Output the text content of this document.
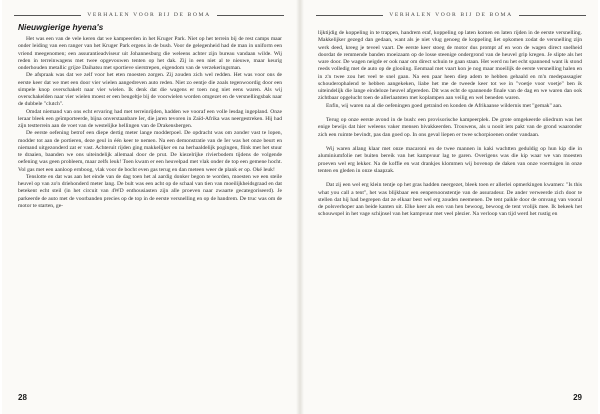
VERHALEN VOOR BIJ DE BOMA
Nieuwgierige hyena's

Het was een van de vele keren dat we kampeerden in het Kruger Park. Niet op het terrein bij de rest camps maar onder leiding van een ranger van het Kruger Park ergens in de bush. Voor de gelegenheid had de man in uniform een vriend meegenomen; een assurantieadviseur uit Johannesburg die weleens achter zijn bureau vandaan wilde. Wij reden in terreinwagens met twee opgevouwen tenten op het dak. Zij in een niet al te nieuwe, maar keurig onderhouden metallic grijze Daihatsu met sportieve sierstrepen, eigendom van de verzekeringsman.

De afspraak was dat we zelf voor het eten moesten zorgen. Zij zouden zich wel redden. Het was voor ons de eerste keer dat we met een door vier wielen aangedreven auto reden. Niet zo eentje die zoals tegenwoordig door een simpele knop overschakelt naar vier wielen. Ik denk dat die wagens er toen nog niet eens waren. Als wij overschakelden naar vier wielen moest er een beugeltje bij de voorwielen worden omgezet en de versnellingsbak naar de dubbele "clutch".

Omdat niemand van ons echt ervaring had met terreinrijden, hadden we vooraf een volle lesdag ingepland. Onze leraar bleek een geïmporteerde, bijna onverstaanbare Ier, die jaren tevoren in Zaïd-Afrika was neergestreken. Hij had zijn testterrein aan de voet van de westelijke hellingen van de Drakensbergen.

De eerste oefening betrof een diepe dertig meter lange modderpoel. De opdracht was om zonder vast te lopen, modder tot aan de portieren, deze geul in één keer te nemen. Na een demonstratie van de Ier was het onze beurt en niemand uitgezonderd zat er vast. Achteruit rijden ging makkelijker en na herhaaldelijk pogingen, flink met het stuur te draaien, baanden we ons uiteindelijk allemaal door de prut. De kiezelrijke rivierbodem tijdens de volgende oefening was geen probleem, maar zelfs leuk! Toen kwam er een heuvelpad met vlak onder de top een gemene hocht. Vol gas met een aanloop ernboog, vlak voor de bocht even gas terug en dan meteen weer de plank er op. Oké leuk!

Tenslotte en dat was aan het einde van de dag toen het al aardig donker begon te worden, moesten we een steile heuvel op van zo'n driehonderd meter lang. De bult was een acht op de schaal van tien van moeilijkheidsgraad en dat betekent echt steil (in het circuit van 4WD enthousiasten zijn alle proeven naar zwaarte gecategoriseerd). Je parkeerde de auto met de voorbanden precies op de top in de eerste versnelling en op de handrem. De truc was om de motor te starten, ge-

28
VERHALEN VOOR BIJ DE BOMA

lijktijdig de koppeling in te trappen, handrem eraf, koppeling op laten komen en laten rijden in de eerste versnelling. Makkelijker gezegd dan gedaan, want als je niet vlug genoeg de koppeling liet opkomen zodat de versnelling zijn werk deed, kreeg je teveel vaart. De eerste keer stoeg de motor dus prompt af en won de wagen direct snelheid doordat de remmende banden moeizaam op de losse steenige ondergrond van de heuvel grip kregen. Je slipte als het ware door. De wagen neigde er ook naar om direct schuin te gaan staan. Het werd nu het echt spannend want ik stond reeds volledig met de auto op de glooiing. Eenmaal met vaart kon je nog maar moeilijk de eerste versnelling halen en in z'n twee zou het veel te snel gaan. Na een paar heen diep adem te hebben gehaald en m'n medepassagier schouderophalend te hebben aangekeken, liabe het me de tweede keer tot we in "voetje voor voetje" ben ik uiteindelijk die lange eindeloze heuvel afgereden. Dit was echt de spannende finale van de dag en we waren dan ook zichtbaar opgelucht toen de allerlaatsten met koplampen aan veilig en wel beneden waren.

Enfin, wij waren na al die oefeningen goed getraind en konden de Afrikaanse wildernis met "gemak" aan.

Terug op onze eerste avond in de bush: een provisorische kampeerplek. De grote omgekeerde oliedrum was het enige bewijs dat hier weleens vaker mensen bivakkeerden. Trouwens, als u nooit iets pakt van de grond waaronder zich een ruimte bevindt, pas dan goed op. In ons geval liepen er twee schorpioenen onder vandaan.

Wij waren allang klaar met onze macaroni en de twee mannen in kaki wachtten geduldig op hun kip die in aluminiumfolie net buiten bereik van het kampvuur lag te garen. Overigens was die kip waar we van moesten proeven wel erg lekker. Na de koffie en wat drankjes klommen wij bovenop de daken van onze voertuigen in onze tenten en gleden in onze slaapzak.

Dat zij een wel erg klein tentje op het gras hadden neergezet, bleek toen er allerlei opmerkingen kwamen: "Is this what you call a tent", het was blijkbaar een eenpersoonstentje van de assuradeur. De ander verweerde zich door te stellen dat hij had begrepen dat ze elkaar best wel erg zouden neemenen. De tent paikle door de omvang van vooral de polsverhoper aan beide kanten uit. Elke keer als een van hen bewoog, bewoog de tent vrolijk mee. Ik bekeek het schouwspel in het vage schijnsel van het kampvuur met veel plezier. Na verloop van tijd werd het rustig en

29
